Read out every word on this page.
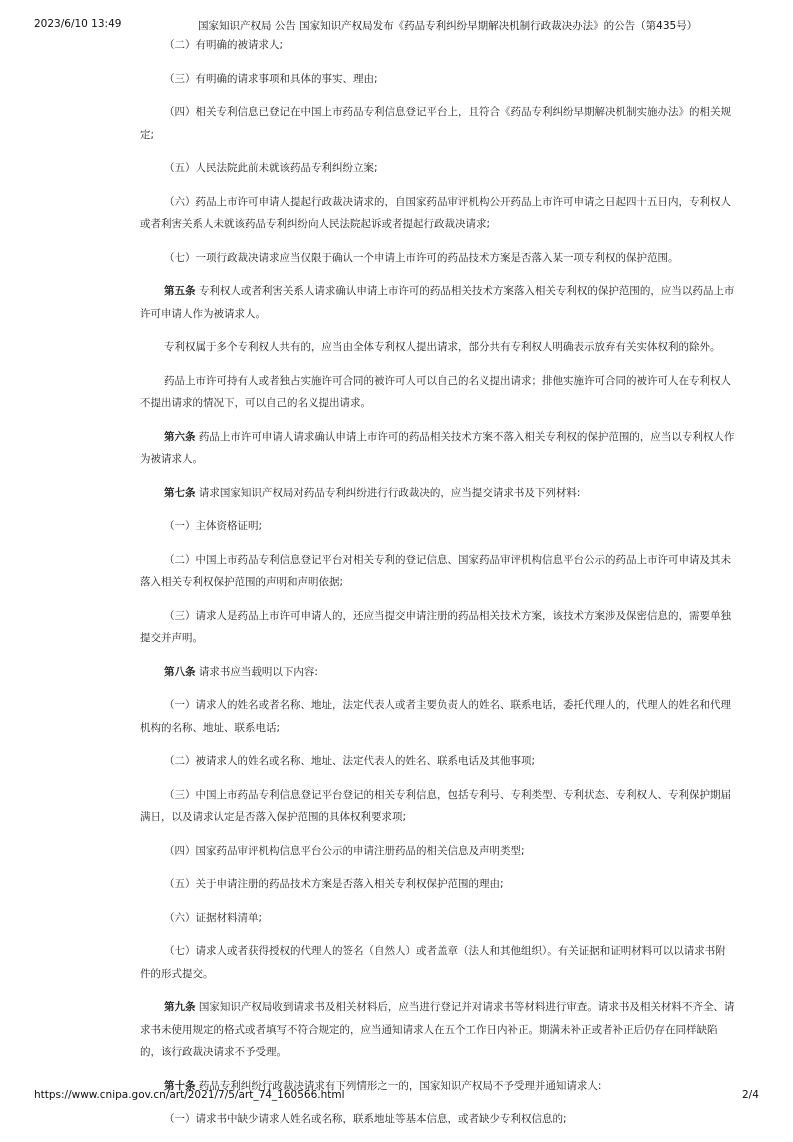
2023/6/10 13:49	国家知识产权局 公告 国家知识产权局发布《药品专利纠纷早期解决机制行政裁决办法》的公告（第435号）

（二）有明确的被请求人;

（三）有明确的请求事项和具体的事实、理由;

（四）相关专利信息已登记在中国上市药品专利信息登记平台上，且符合《药品专利纠纷早期解决机制实施办法》的相关规定;

（五）人民法院此前未就该药品专利纠纷立案;

（六）药品上市许可申请人提起行政裁决请求的，自国家药品审评机构公开药品上市许可申请之日起四十五日内，专利权人或者利害关系人未就该药品专利纠纷向人民法院起诉或者提起行政裁决请求;

（七）一项行政裁决请求应当仅限于确认一个申请上市许可的药品技术方案是否落入某一项专利权的保护范围。

第五条 专利权人或者利害关系人请求确认申请上市许可的药品相关技术方案落入相关专利权的保护范围的，应当以药品上市许可申请人作为被请求人。

专利权属于多个专利权人共有的，应当由全体专利权人提出请求，部分共有专利权人明确表示放弃有关实体权利的除外。

药品上市许可持有人或者独占实施许可合同的被许可人可以自己的名义提出请求；排他实施许可合同的被许可人在专利权人不提出请求的情况下，可以自己的名义提出请求。

第六条 药品上市许可申请人请求确认申请上市许可的药品相关技术方案不落入相关专利权的保护范围的，应当以专利权人作为被请求人。

第七条 请求国家知识产权局对药品专利纠纷进行行政裁决的，应当提交请求书及下列材料:

（一）主体资格证明;

（二）中国上市药品专利信息登记平台对相关专利的登记信息、国家药品审评机构信息平台公示的药品上市许可申请及其未落入相关专利权保护范围的声明和声明依据;

（三）请求人是药品上市许可申请人的，还应当提交申请注册的药品相关技术方案，该技术方案涉及保密信息的，需要单独提交并声明。

第八条 请求书应当载明以下内容:

（一）请求人的姓名或者名称、地址，法定代表人或者主要负责人的姓名、联系电话，委托代理人的，代理人的姓名和代理机构的名称、地址、联系电话;

（二）被请求人的姓名或名称、地址、法定代表人的姓名、联系电话及其他事项;

（三）中国上市药品专利信息登记平台登记的相关专利信息，包括专利号、专利类型、专利状态、专利权人、专利保护期届满日，以及请求认定是否落入保护范围的具体权利要求项;

（四）国家药品审评机构信息平台公示的申请注册药品的相关信息及声明类型;

（五）关于申请注册的药品技术方案是否落入相关专利权保护范围的理由;

（六）证据材料清单;

（七）请求人或者获得授权的代理人的签名（自然人）或者盖章（法人和其他组织）。有关证据和证明材料可以以请求书附件的形式提交。

第九条 国家知识产权局收到请求书及相关材料后，应当进行登记并对请求书等材料进行审查。请求书及相关材料不齐全、请求书未使用规定的格式或者填写不符合规定的，应当通知请求人在五个工作日内补正。期满未补正或者补正后仍存在同样缺陷的，该行政裁决请求不予受理。

第十条 药品专利纠纷行政裁决请求有下列情形之一的，国家知识产权局不予受理并通知请求人:

（一）请求书中缺少请求人姓名或名称，联系地址等基本信息，或者缺少专利权信息的;

https://www.cnipa.gov.cn/art/2021/7/5/art_74_160566.html	2/4
